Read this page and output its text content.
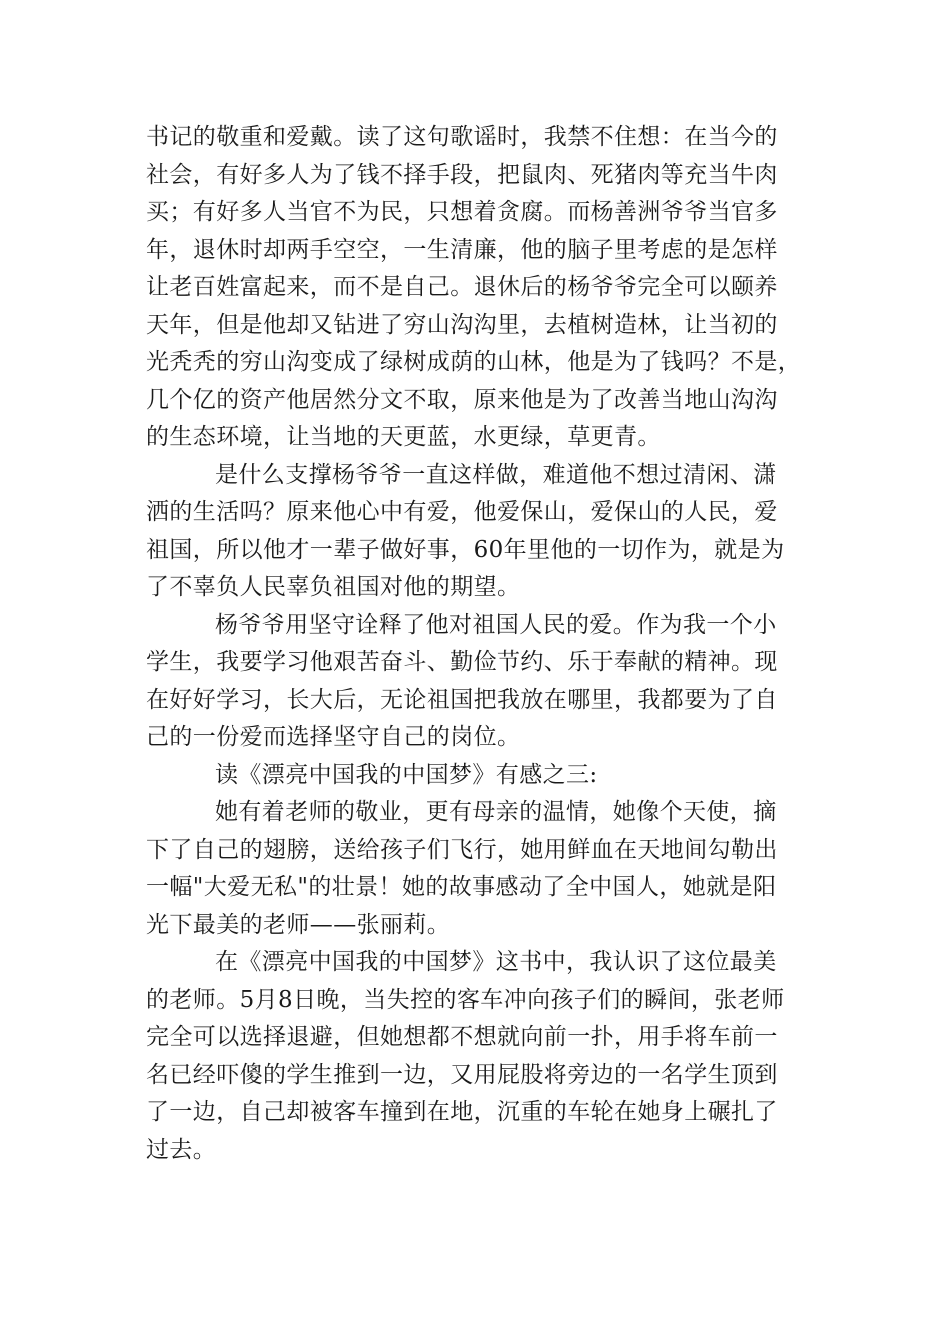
书记的敬重和爱戴。读了这句歌谣时，我禁不住想：在当今的
社会，有好多人为了钱不择手段，把鼠肉、死猪肉等充当牛肉
买；有好多人当官不为民，只想着贪腐。而杨善洲爷爷当官多
年，退休时却两手空空，一生清廉，他的脑子里考虑的是怎样
让老百姓富起来，而不是自己。退休后的杨爷爷完全可以颐养
天年，但是他却又钻进了穷山沟沟里，去植树造林，让当初的
光秃秃的穷山沟变成了绿树成荫的山林，他是为了钱吗？不是，
几个亿的资产他居然分文不取，原来他是为了改善当地山沟沟
的生态环境，让当地的天更蓝，水更绿，草更青。
是什么支撑杨爷爷一直这样做，难道他不想过清闲、潇
洒的生活吗？原来他心中有爱，他爱保山，爱保山的人民，爱
祖国，所以他才一辈子做好事，60年里他的一切作为，就是为
了不辜负人民辜负祖国对他的期望。
杨爷爷用坚守诠释了他对祖国人民的爱。作为我一个小
学生，我要学习他艰苦奋斗、勤俭节约、乐于奉献的精神。现
在好好学习，长大后，无论祖国把我放在哪里，我都要为了自
己的一份爱而选择坚守自己的岗位。
读《漂亮中国我的中国梦》有感之三:
她有着老师的敬业，更有母亲的温情，她像个天使，摘
下了自己的翅膀，送给孩子们飞行，她用鲜血在天地间勾勒出
一幅"大爱无私"的壮景！她的故事感动了全中国人，她就是阳
光下最美的老师——张丽莉。
在《漂亮中国我的中国梦》这书中，我认识了这位最美
的老师。5月8日晚，当失控的客车冲向孩子们的瞬间，张老师
完全可以选择退避，但她想都不想就向前一扑，用手将车前一
名已经吓傻的学生推到一边，又用屁股将旁边的一名学生顶到
了一边，自己却被客车撞到在地，沉重的车轮在她身上碾扎了
过去。
